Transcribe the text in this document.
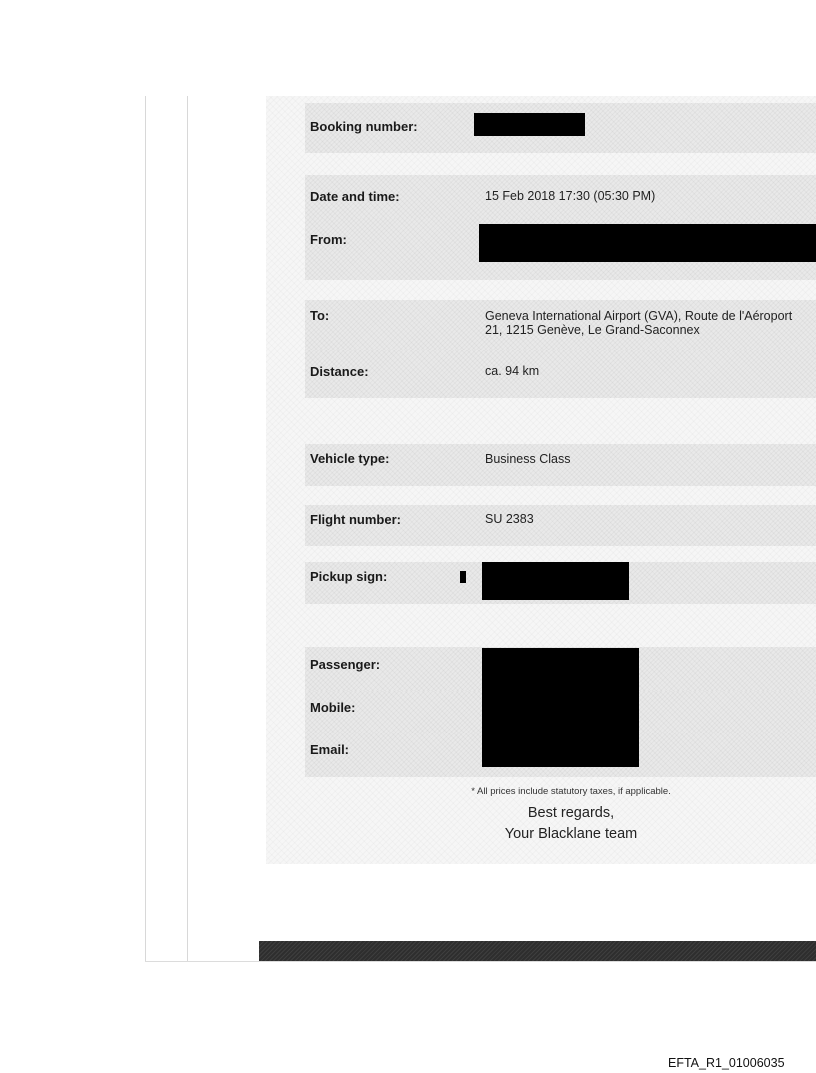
Booking number:
Date and time:
From:
To:
Distance:
Vehicle type:
Flight number:
Pickup sign:
Passenger:
Mobile:
Email:
15 Feb 2018 17:30 (05:30 PM)
Geneva International Airport (GVA), Route de l'Aéroport
21, 1215 Genève, Le Grand-Saconnex
ca. 94 km
Business Class
SU 2383
* All prices include statutory taxes, if applicable.
Best regards,
Your Blacklane team
EFTA_R1_01006035
